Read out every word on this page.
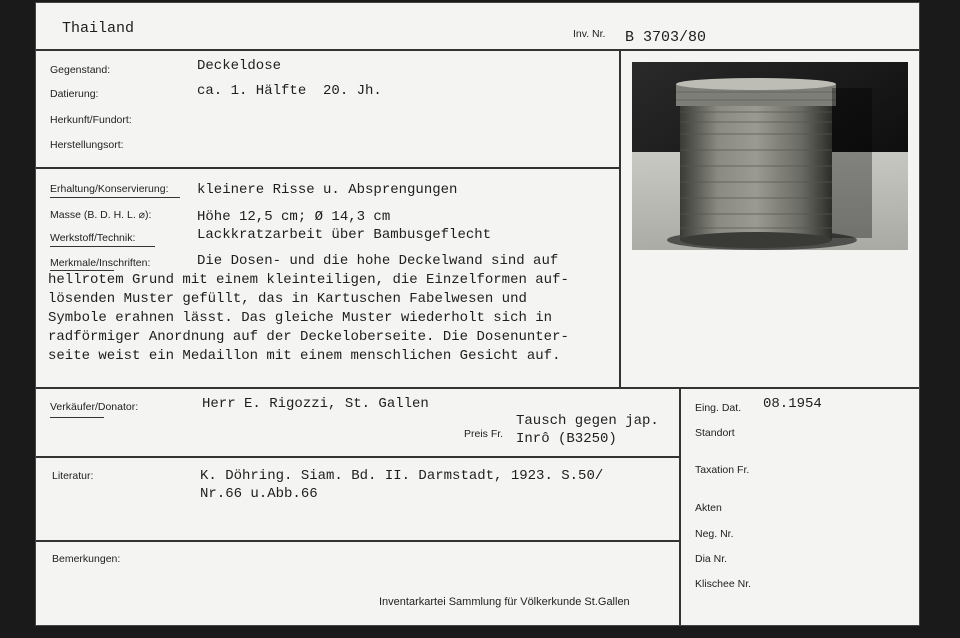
Thailand	Inv. Nr. B 3703/80
Gegenstand:	Deckeldose
Datierung:	ca. 1. Hälfte  20. Jh.
Herkunft/Fundort:
Herstellungsort:
Erhaltung/Konservierung: kleinere Risse u. Absprengungen
Masse (B. D. H. L. ⌀):	Höhe 12,5 cm; Ø 14,3 cm
Werkstoff/Technik:	Lackkratzarbeit über Bambusgeflecht
Merkmale/Inschriften:	Die Dosen- und die hohe Deckelwand sind auf
hellrotem Grund mit einem kleinteiligen, die Einzelformen auf-
lösenden Muster gefüllt, das in Kartuschen Fabelwesen und
Symbole erahnen lässt. Das gleiche Muster wiederholt sich in
radförmiger Anordnung auf der Deckeloberseite. Die Dosenunter-
seite weist ein Medaillon mit einem menschlichen Gesicht auf.
Verkäufer/Donator:	Herr E. Rigozzi, St. Gallen
Preis Fr.
Tausch gegen jap.
Inrô (B3250)
Literatur:	K. Döhring. Siam. Bd. II. Darmstadt, 1923. S.50/
Nr.66 u.Abb.66
Bemerkungen:
Inventarkartei Sammlung für Völkerkunde St.Gallen
Eing. Dat. 08.1954
Standort
Taxation Fr.
Akten
Neg. Nr.
Dia Nr.
Klischee Nr.
